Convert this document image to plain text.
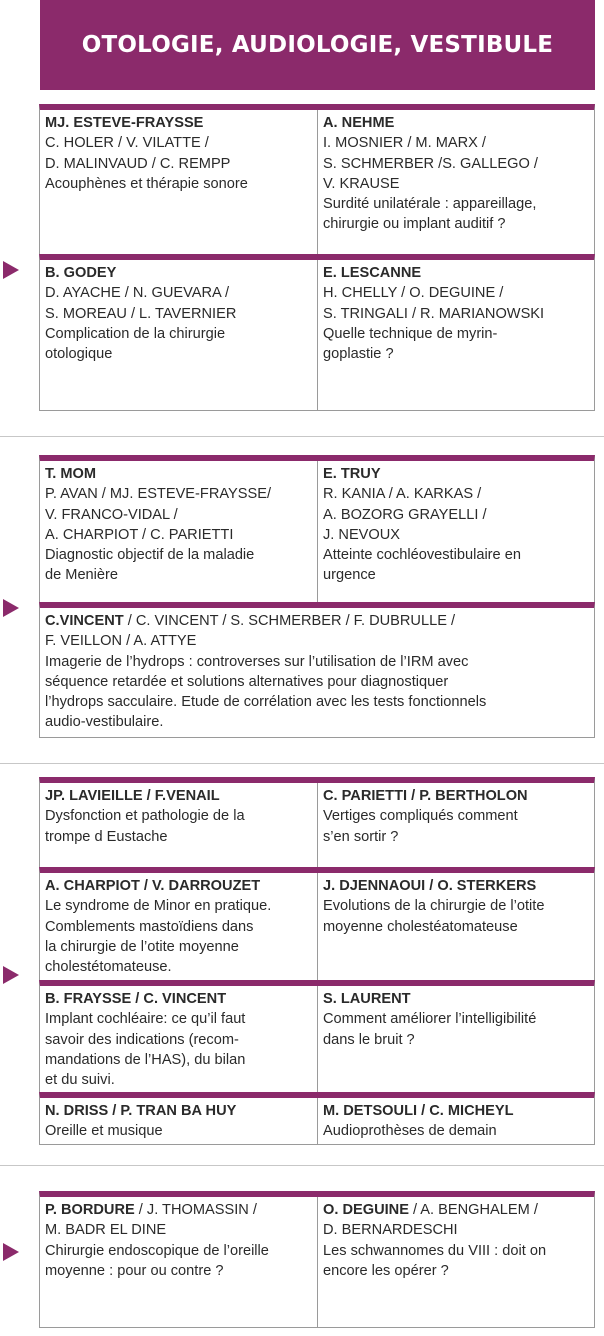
OTOLOGIE, AUDIOLOGIE, VESTIBULE
MJ. ESTEVE-FRAYSSE
C. HOLER / V. VILATTE /
D. MALINVAUD / C. REMPP
Acouphènes et thérapie sonore
A. NEHME
I. MOSNIER / M. MARX /
S. SCHMERBER /S. GALLEGO /
V. KRAUSE
Surdité unilatérale : appareillage,
chirurgie ou implant auditif ?
B. GODEY
D. AYACHE / N. GUEVARA /
S. MOREAU / L. TAVERNIER
Complication de la chirurgie
otologique
E. LESCANNE
H. CHELLY / O. DEGUINE /
S. TRINGALI / R. MARIANOWSKI
Quelle technique de myrin-
goplastie ?
T. MOM
P. AVAN / MJ. ESTEVE-FRAYSSE/
V. FRANCO-VIDAL /
A. CHARPIOT / C. PARIETTI
Diagnostic objectif de la maladie
de Menière
E. TRUY
R. KANIA / A. KARKAS /
A. BOZORG GRAYELLI /
J. NEVOUX
Atteinte cochléovestibulaire en
urgence
C.VINCENT / C. VINCENT / S. SCHMERBER / F. DUBRULLE /
F. VEILLON / A. ATTYE
Imagerie de l’hydrops : controverses sur l’utilisation de l’IRM avec
séquence retardée et solutions alternatives pour diagnostiquer
l’hydrops sacculaire. Etude de corrélation avec les tests fonctionnels
audio-vestibulaire.
JP. LAVIEILLE / F.VENAIL
Dysfonction et pathologie de la
trompe d Eustache
C. PARIETTI / P. BERTHOLON
Vertiges compliqués comment
s’en sortir ?
A. CHARPIOT / V. DARROUZET
Le syndrome de Minor en pratique.
Comblements mastoïdiens dans
la chirurgie de l’otite moyenne
cholestétomateuse.
J. DJENNAOUI / O. STERKERS
Evolutions de la chirurgie de l’otite
moyenne cholestéatomateuse
B. FRAYSSE / C. VINCENT
Implant cochléaire: ce qu’il faut
savoir des indications (recom-
mandations de l’HAS), du bilan
et du suivi.
S. LAURENT
Comment améliorer l’intelligibilité
dans le bruit ?
N. DRISS / P. TRAN BA HUY
Oreille et musique
M. DETSOULI / C. MICHEYL
Audioprothèses de demain
P. BORDURE / J. THOMASSIN /
M. BADR EL DINE
Chirurgie endoscopique de l’oreille
moyenne : pour ou contre ?
O. DEGUINE / A. BENGHALEM /
D. BERNARDESCHI
Les schwannomes du VIII : doit on
encore les opérer ?
